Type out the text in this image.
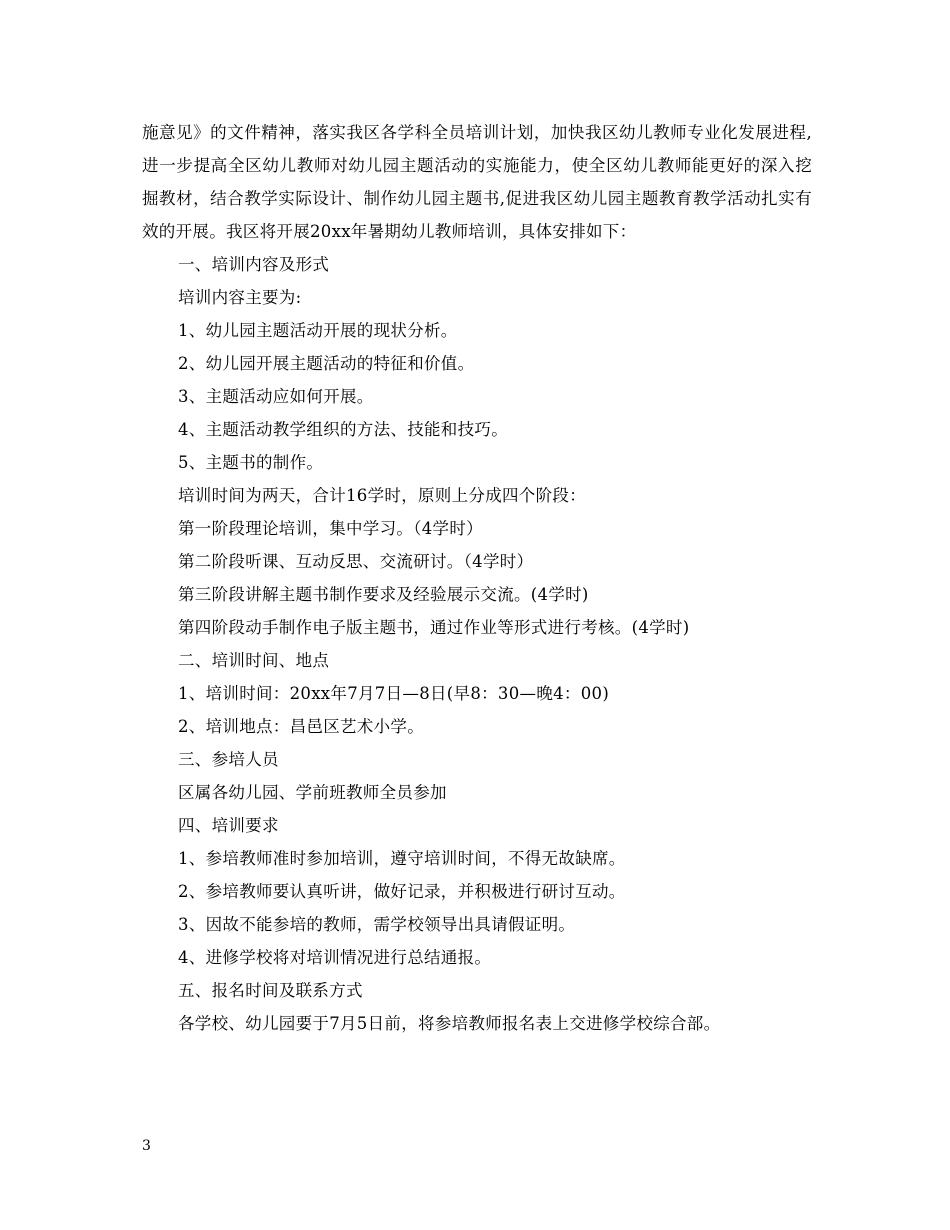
施意见》的文件精神，落实我区各学科全员培训计划，加快我区幼儿教师专业化发展进程,进一步提高全区幼儿教师对幼儿园主题活动的实施能力，使全区幼儿教师能更好的深入挖掘教材，结合教学实际设计、制作幼儿园主题书,促进我区幼儿园主题教育教学活动扎实有效的开展。我区将开展20xx年暑期幼儿教师培训，具体安排如下：

一、培训内容及形式

培训内容主要为:

1、幼儿园主题活动开展的现状分析。

2、幼儿园开展主题活动的特征和价值。

3、主题活动应如何开展。

4、主题活动教学组织的方法、技能和技巧。

5、主题书的制作。

培训时间为两天，合计16学时，原则上分成四个阶段：

第一阶段理论培训，集中学习。（4学时）

第二阶段听课、互动反思、交流研讨。（4学时）

第三阶段讲解主题书制作要求及经验展示交流。(4学时)

第四阶段动手制作电子版主题书，通过作业等形式进行考核。(4学时)

二、培训时间、地点

1、培训时间：20xx年7月7日—8日(早8：30—晚4：00)

2、培训地点：昌邑区艺术小学。

三、参培人员

区属各幼儿园、学前班教师全员参加

四、培训要求

1、参培教师准时参加培训，遵守培训时间，不得无故缺席。

2、参培教师要认真听讲，做好记录，并积极进行研讨互动。

3、因故不能参培的教师，需学校领导出具请假证明。

4、进修学校将对培训情况进行总结通报。

五、报名时间及联系方式

各学校、幼儿园要于7月5日前，将参培教师报名表上交进修学校综合部。

3
